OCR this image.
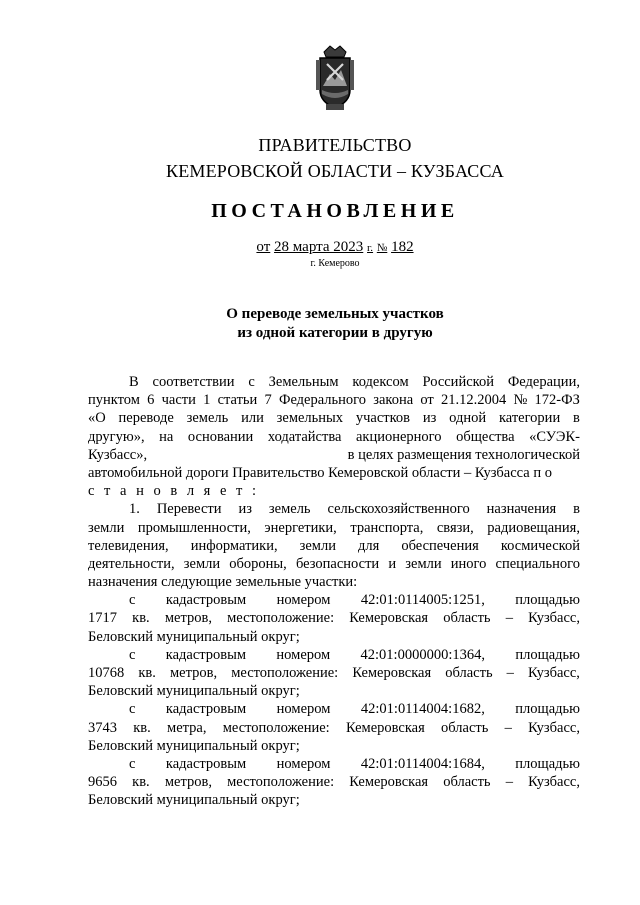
ПРАВИТЕЛЬСТВО
КЕМЕРОВСКОЙ ОБЛАСТИ – КУЗБАССА
ПОСТАНОВЛЕНИЕ
от 28 марта 2023 г. № 182
г. Кемерово
О переводе земельных участков
из одной категории в другую
В соответствии с Земельным кодексом Российской Федерации,
пунктом 6 части 1 статьи 7 Федерального закона от 21.12.2004 № 172-ФЗ
«О переводе земель или земельных участков из одной категории в
другую», на основании ходатайства акционерного общества «СУЭК-
Кузбасс»,	в целях размещения технологической
автомобильной дороги Правительство Кемеровской области – Кузбасса п о
с т а н о в л я е т :
1. Перевести из земель сельскохозяйственного назначения в
земли промышленности, энергетики, транспорта, связи, радиовещания,
телевидения, информатики, земли для обеспечения космической
деятельности, земли обороны, безопасности и земли иного специального
назначения следующие земельные участки:
с кадастровым номером 42:01:0114005:1251, площадью
1717 кв. метров, местоположение: Кемеровская область – Кузбасс,
Беловский муниципальный округ;
с кадастровым номером 42:01:0000000:1364, площадью
10768 кв. метров, местоположение: Кемеровская область – Кузбасс,
Беловский муниципальный округ;
с кадастровым номером 42:01:0114004:1682, площадью
3743 кв. метра, местоположение: Кемеровская область – Кузбасс,
Беловский муниципальный округ;
с кадастровым номером 42:01:0114004:1684, площадью
9656 кв. метров, местоположение: Кемеровская область – Кузбасс,
Беловский муниципальный округ;
